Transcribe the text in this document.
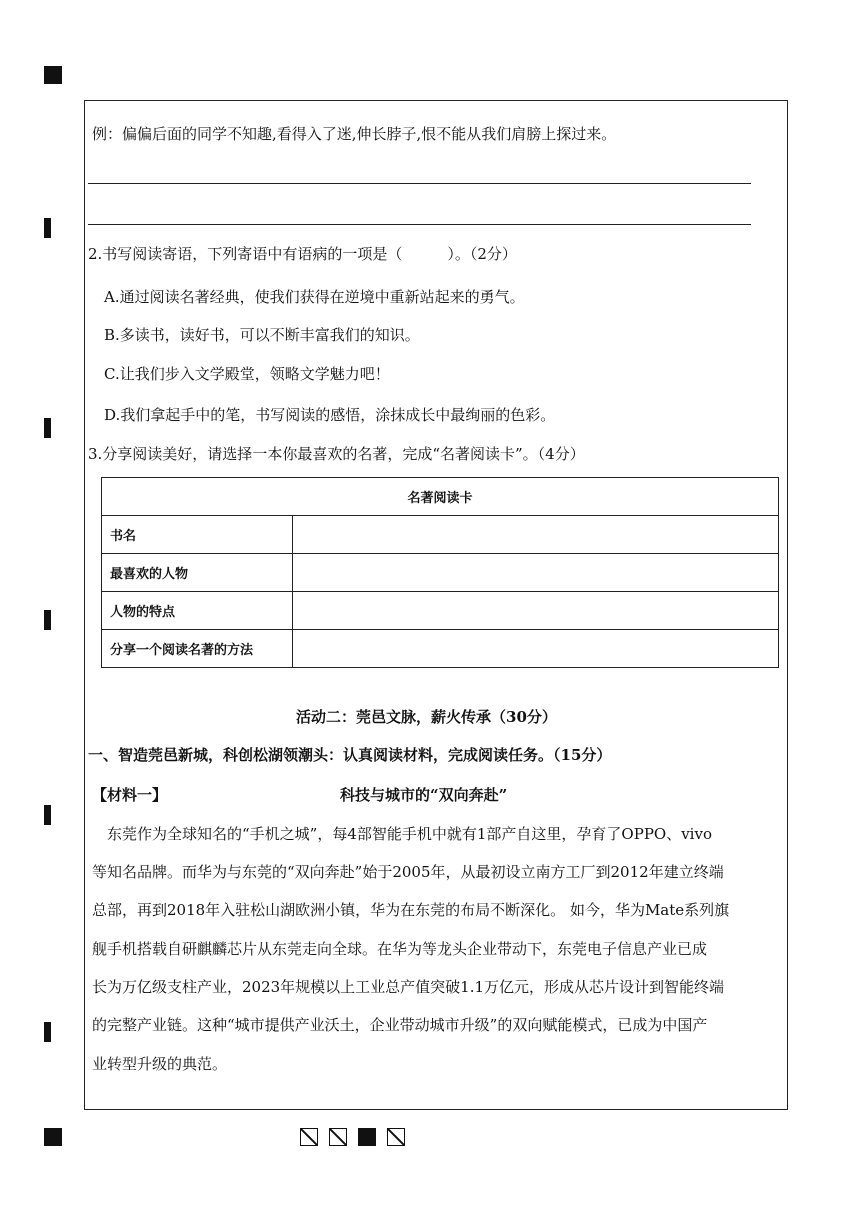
例：偏偏后面的同学不知趣,看得入了迷,伸长脖子,恨不能从我们肩膀上探过来。
2.书写阅读寄语，下列寄语中有语病的一项是（　　　）。（2分）
A.通过阅读名著经典，使我们获得在逆境中重新站起来的勇气。
B.多读书，读好书，可以不断丰富我们的知识。
C.让我们步入文学殿堂，领略文学魅力吧！
D.我们拿起手中的笔，书写阅读的感悟，涂抹成长中最绚丽的色彩。
3.分享阅读美好，请选择一本你最喜欢的名著，完成“名著阅读卡”。（4分）
名著阅读卡	
书名	
最喜欢的人物	
人物的特点	
分享一个阅读名著的方法	
活动二：莞邑文脉，薪火传承（30分）
一、智造莞邑新城，科创松湖领潮头：认真阅读材料，完成阅读任务。（15分）
【材料一】	科技与城市的“双向奔赴”
　东莞作为全球知名的“手机之城”，每4部智能手机中就有1部产自这里，孕育了OPPO、vivo
等知名品牌。而华为与东莞的“双向奔赴”始于2005年，从最初设立南方工厂到2012年建立终端
总部，再到2018年入驻松山湖欧洲小镇，华为在东莞的布局不断深化。 如今，华为Mate系列旗
舰手机搭载自研麒麟芯片从东莞走向全球。在华为等龙头企业带动下，东莞电子信息产业已成
长为万亿级支柱产业，2023年规模以上工业总产值突破1.1万亿元，形成从芯片设计到智能终端
的完整产业链。这种“城市提供产业沃土，企业带动城市升级”的双向赋能模式，已成为中国产
业转型升级的典范。
